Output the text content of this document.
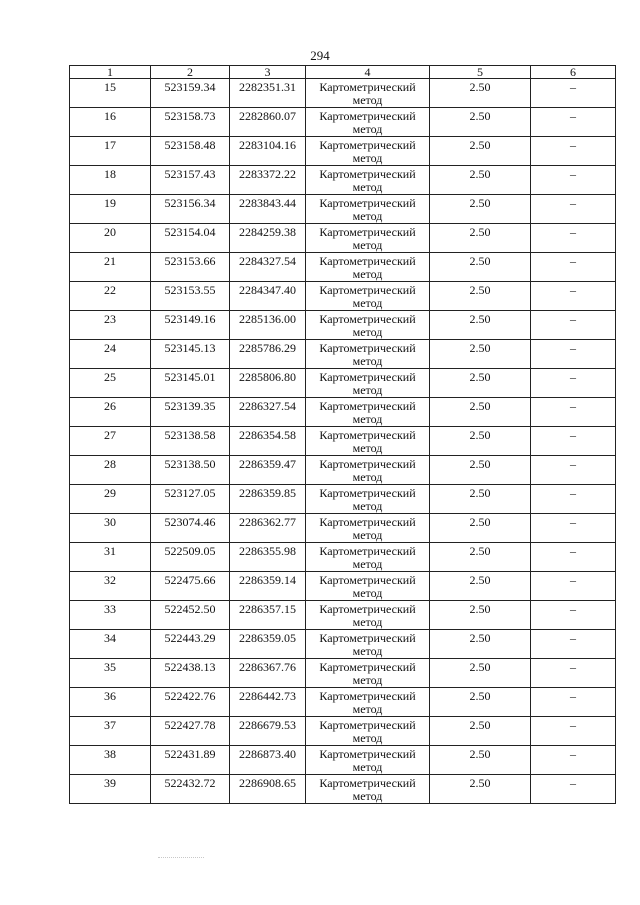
294
1	2	3	4	5	6
15	523159.34	2282351.31	Картометрический метод	2.50	–
16	523158.73	2282860.07	Картометрический метод	2.50	–
17	523158.48	2283104.16	Картометрический метод	2.50	–
18	523157.43	2283372.22	Картометрический метод	2.50	–
19	523156.34	2283843.44	Картометрический метод	2.50	–
20	523154.04	2284259.38	Картометрический метод	2.50	–
21	523153.66	2284327.54	Картометрический метод	2.50	–
22	523153.55	2284347.40	Картометрический метод	2.50	–
23	523149.16	2285136.00	Картометрический метод	2.50	–
24	523145.13	2285786.29	Картометрический метод	2.50	–
25	523145.01	2285806.80	Картометрический метод	2.50	–
26	523139.35	2286327.54	Картометрический метод	2.50	–
27	523138.58	2286354.58	Картометрический метод	2.50	–
28	523138.50	2286359.47	Картометрический метод	2.50	–
29	523127.05	2286359.85	Картометрический метод	2.50	–
30	523074.46	2286362.77	Картометрический метод	2.50	–
31	522509.05	2286355.98	Картометрический метод	2.50	–
32	522475.66	2286359.14	Картометрический метод	2.50	–
33	522452.50	2286357.15	Картометрический метод	2.50	–
34	522443.29	2286359.05	Картометрический метод	2.50	–
35	522438.13	2286367.76	Картометрический метод	2.50	–
36	522422.76	2286442.73	Картометрический метод	2.50	–
37	522427.78	2286679.53	Картометрический метод	2.50	–
38	522431.89	2286873.40	Картометрический метод	2.50	–
39	522432.72	2286908.65	Картометрический метод	2.50	–
